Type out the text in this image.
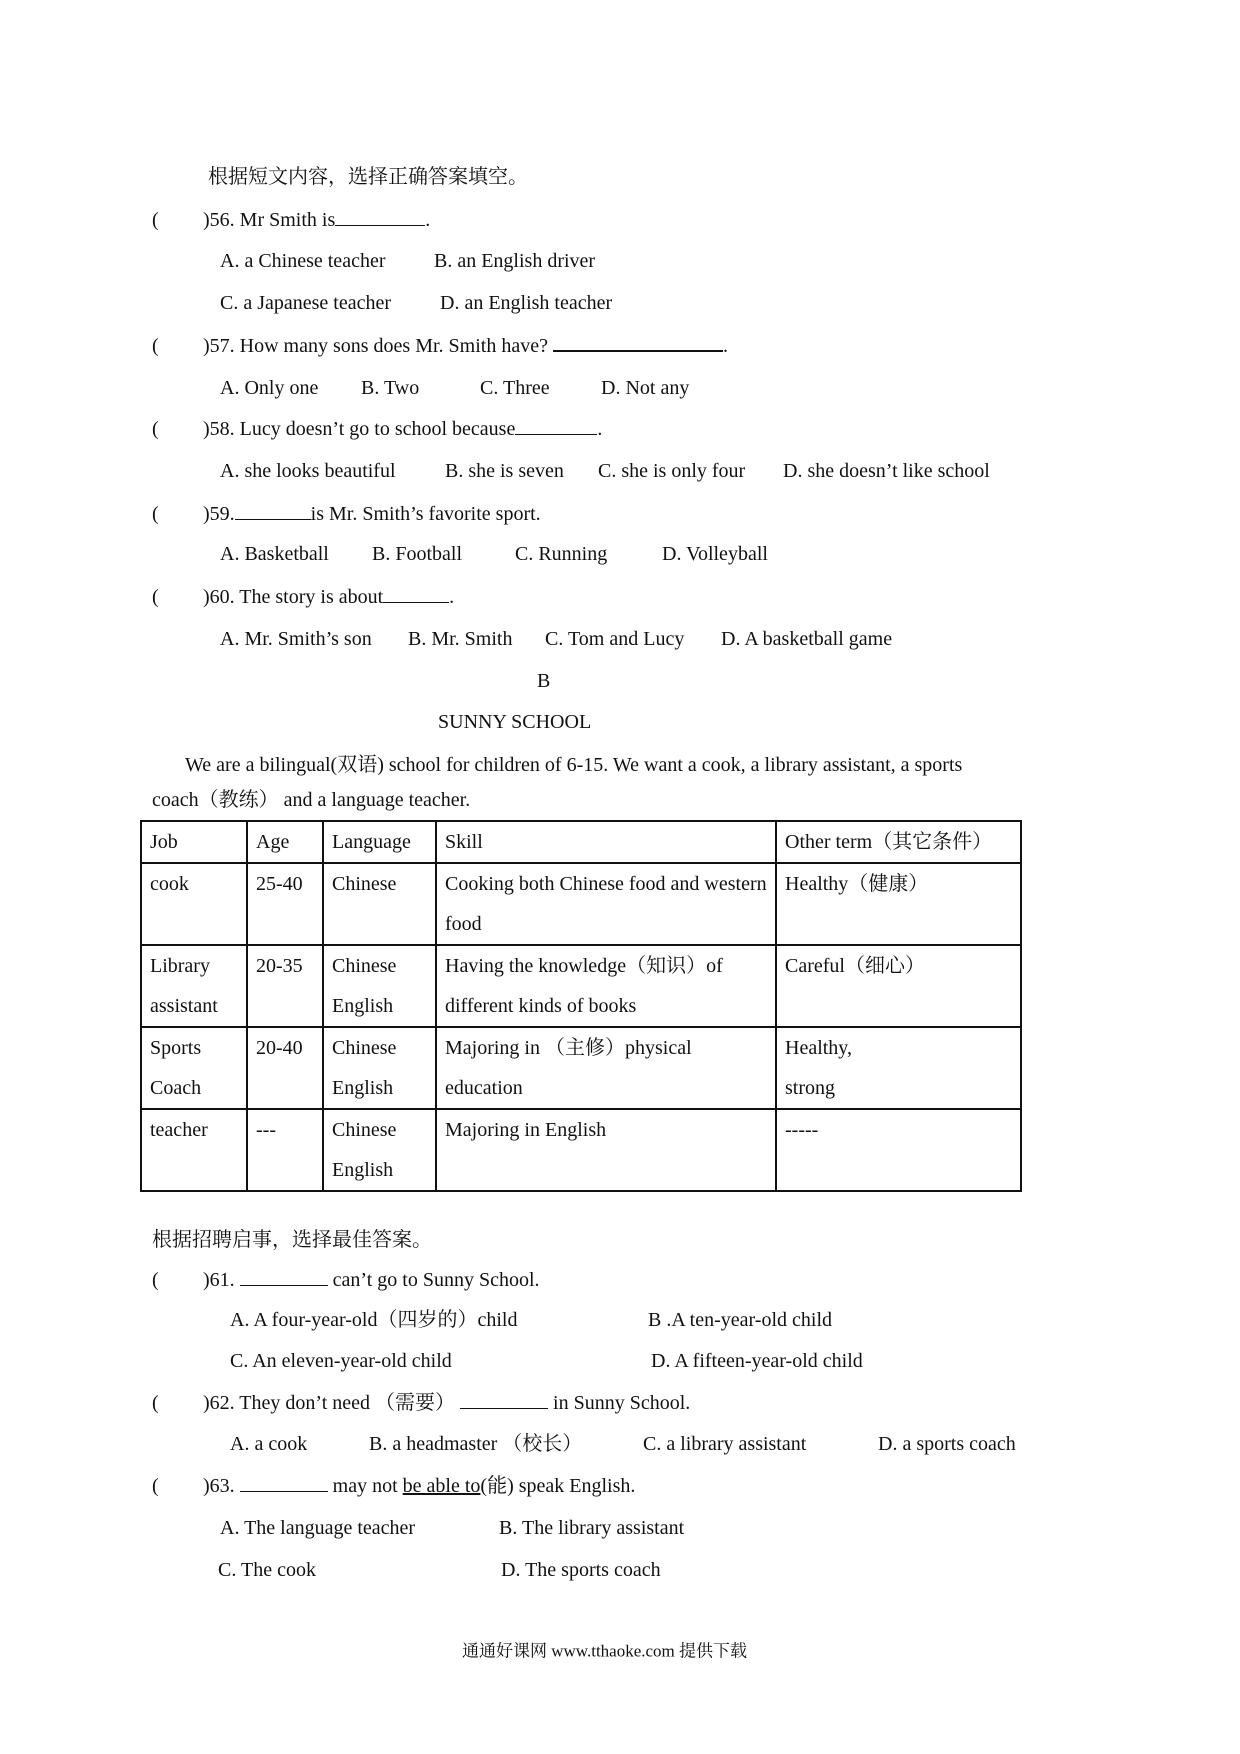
根据短文内容，选择正确答案填空。
( )56. Mr Smith is	.
A. a Chinese teacher B. an English driver
C. a Japanese teacher D. an English teacher
( )57. How many sons does Mr. Smith have?	.
A. Only one B. Two	C. Three	D. Not any
( )58. Lucy doesn’t go to school because	.
A. she looks beautiful B. she is seven C. she is only four D. she doesn’t like school
( )59.	is Mr. Smith’s favorite sport.
A. Basketball B. Football	C. Running	D. Volleyball
( )60. The story is about	.
A. Mr. Smith’s son B. Mr. Smith C. Tom and Lucy D. A basketball game
B
SUNNY SCHOOL
We are a bilingual(双语) school for children of 6-15. We want a cook, a library assistant, a sports
coach（教练） and a language teacher.
Job	Age	Language	Skill	Other term（其它条件）
cook	25-40	Chinese	Cooking both Chinese food and western food	Healthy（健康）
Library assistant	20-35	Chinese English	Having the knowledge（知识）of different kinds of books	Careful（细心）
Sports Coach	20-40	Chinese English	Majoring in （主修）physical education	Healthy, strong
teacher	---	Chinese English	Majoring in English	-----
根据招聘启事，选择最佳答案。
( )61.	can’t go to Sunny School.
A. A four-year-old（四岁的）child	B .A ten-year-old child
C. An eleven-year-old child	D. A fifteen-year-old child
( )62. They don’t need （需要）	in Sunny School.
A. a cook	B. a headmaster （校长）	C. a library assistant	D. a sports coach
( )63.	may not be able to(能) speak English.
A. The language teacher	B. The library assistant
C. The cook	D. The sports coach
通通好课网 www.tthaoke.com 提供下载
